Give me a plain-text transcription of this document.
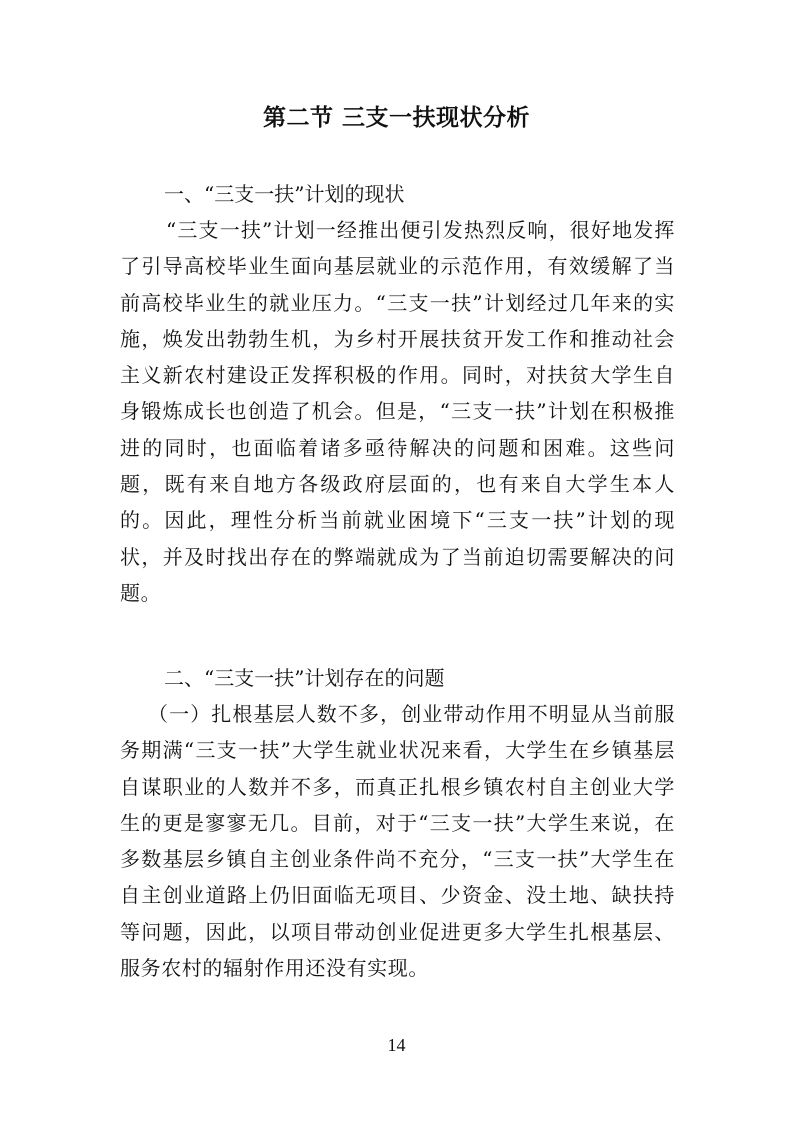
第二节 三支一扶现状分析

一、“三支一扶”计划的现状

“三支一扶”计划一经推出便引发热烈反响，很好地发挥了引导高校毕业生面向基层就业的示范作用，有效缓解了当前高校毕业生的就业压力。“三支一扶”计划经过几年来的实施，焕发出勃勃生机，为乡村开展扶贫开发工作和推动社会主义新农村建设正发挥积极的作用。同时，对扶贫大学生自身锻炼成长也创造了机会。但是，“三支一扶”计划在积极推进的同时，也面临着诸多亟待解决的问题和困难。这些问题，既有来自地方各级政府层面的，也有来自大学生本人的。因此，理性分析当前就业困境下“三支一扶”计划的现状，并及时找出存在的弊端就成为了当前迫切需要解决的问题。

二、“三支一扶”计划存在的问题

（一）扎根基层人数不多，创业带动作用不明显从当前服务期满“三支一扶”大学生就业状况来看，大学生在乡镇基层自谋职业的人数并不多，而真正扎根乡镇农村自主创业大学生的更是寥寥无几。目前，对于“三支一扶”大学生来说，在多数基层乡镇自主创业条件尚不充分，“三支一扶”大学生在自主创业道路上仍旧面临无项目、少资金、没土地、缺扶持等问题，因此，以项目带动创业促进更多大学生扎根基层、服务农村的辐射作用还没有实现。

14
